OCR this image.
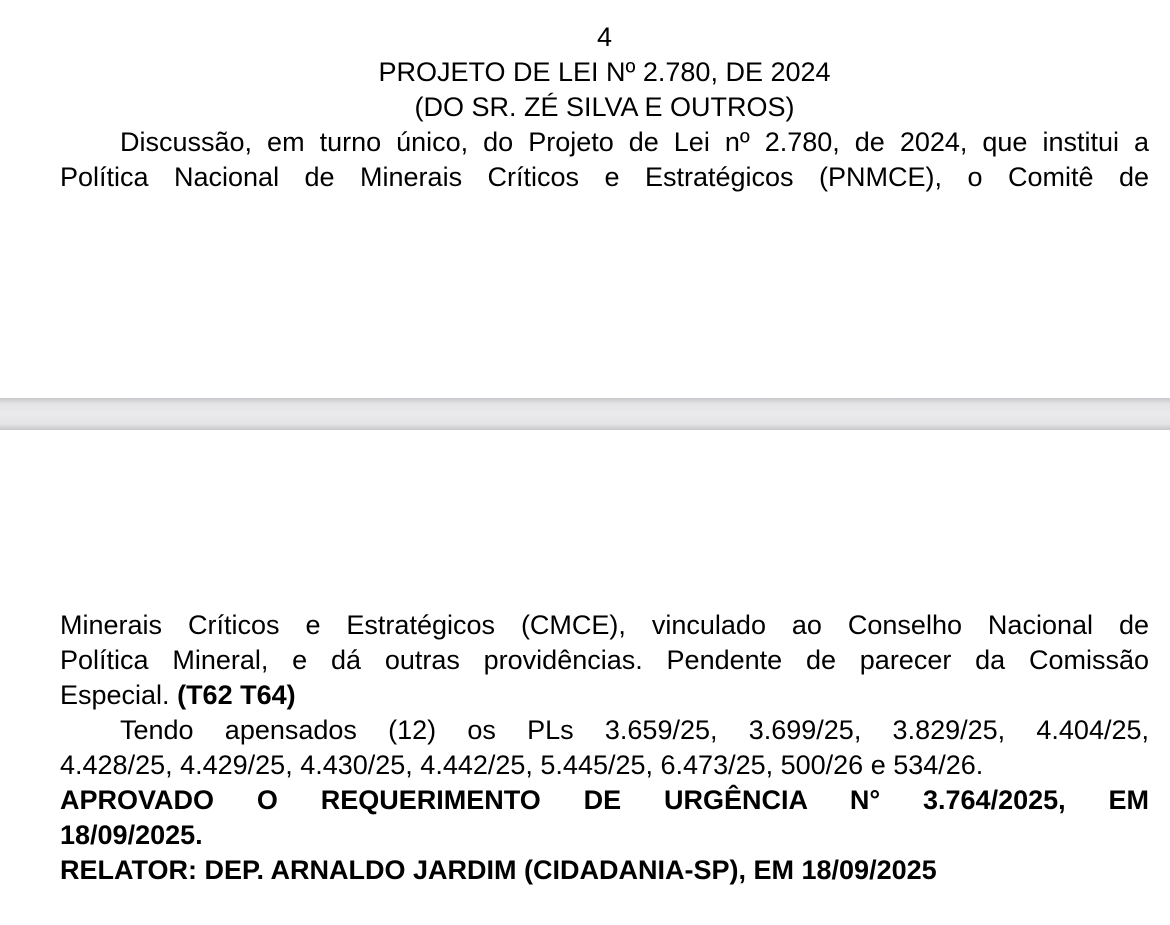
4
PROJETO DE LEI Nº 2.780, DE 2024
(DO SR. ZÉ SILVA E OUTROS)
Discussão, em turno único, do Projeto de Lei nº 2.780, de 2024, que institui a
Política Nacional de Minerais Críticos e Estratégicos (PNMCE), o Comitê de
Minerais Críticos e Estratégicos (CMCE), vinculado ao Conselho Nacional de
Política Mineral, e dá outras providências. Pendente de parecer da Comissão
Especial. (T62 T64)
Tendo apensados (12) os PLs 3.659/25, 3.699/25, 3.829/25, 4.404/25,
4.428/25, 4.429/25, 4.430/25, 4.442/25, 5.445/25, 6.473/25, 500/26 e 534/26.
APROVADO O REQUERIMENTO DE URGÊNCIA N° 3.764/2025, EM
18/09/2025.
RELATOR: DEP. ARNALDO JARDIM (CIDADANIA-SP), EM 18/09/2025
